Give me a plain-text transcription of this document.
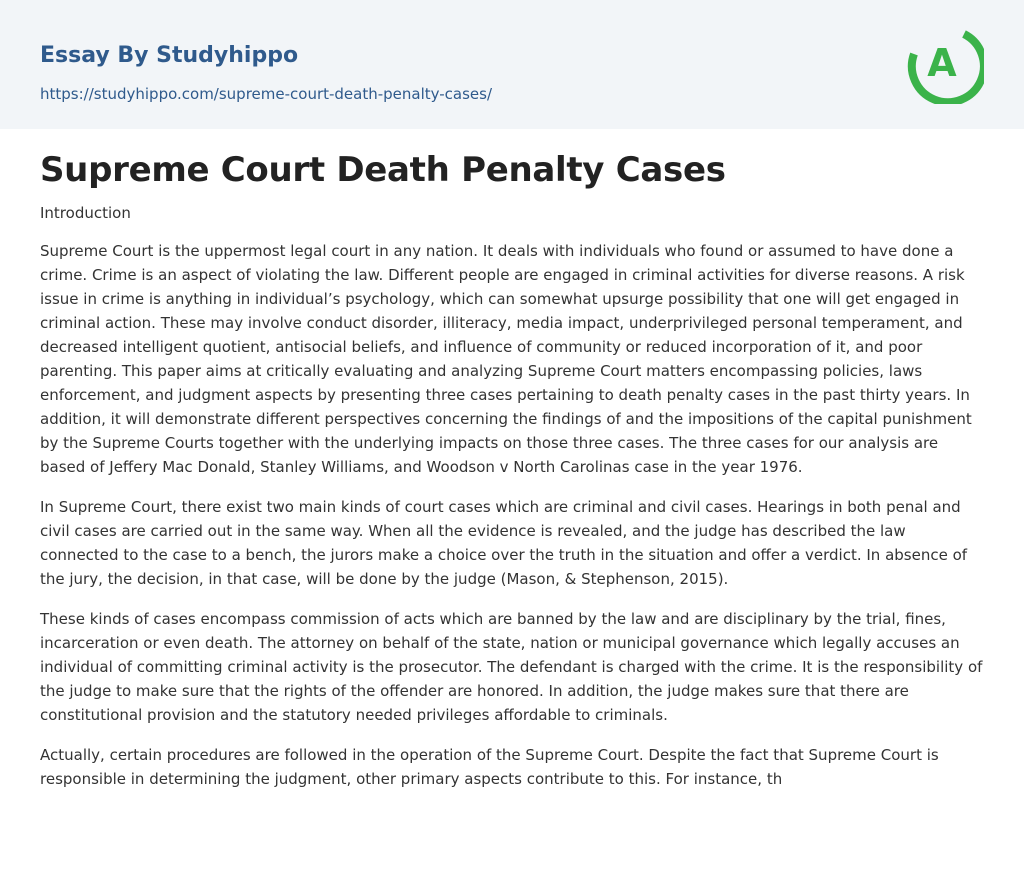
Essay By Studyhippo
https://studyhippo.com/supreme-court-death-penalty-cases/
A
Supreme Court Death Penalty Cases
Introduction

Supreme Court is the uppermost legal court in any nation. It deals with individuals who found or assumed to have done a crime. Crime is an aspect of violating the law. Different people are engaged in criminal activities for diverse reasons. A risk issue in crime is anything in individual’s psychology, which can somewhat upsurge possibility that one will get engaged in criminal action. These may involve conduct disorder, illiteracy, media impact, underprivileged personal temperament, and decreased intelligent quotient, antisocial beliefs, and influence of community or reduced incorporation of it, and poor parenting. This paper aims at critically evaluating and analyzing Supreme Court matters encompassing policies, laws enforcement, and judgment aspects by presenting three cases pertaining to death penalty cases in the past thirty years. In addition, it will demonstrate different perspectives concerning the findings of and the impositions of the capital punishment by the Supreme Courts together with the underlying impacts on those three cases. The three cases for our analysis are based of Jeffery Mac Donald, Stanley Williams, and Woodson v North Carolinas case in the year 1976.

In Supreme Court, there exist two main kinds of court cases which are criminal and civil cases. Hearings in both penal and civil cases are carried out in the same way. When all the evidence is revealed, and the judge has described the law connected to the case to a bench, the jurors make a choice over the truth in the situation and offer a verdict. In absence of the jury, the decision, in that case, will be done by the judge (Mason, & Stephenson, 2015).

These kinds of cases encompass commission of acts which are banned by the law and are disciplinary by the trial, fines, incarceration or even death. The attorney on behalf of the state, nation or municipal governance which legally accuses an individual of committing criminal activity is the prosecutor. The defendant is charged with the crime. It is the responsibility of the judge to make sure that the rights of the offender are honored. In addition, the judge makes sure that there are constitutional provision and the statutory needed privileges affordable to criminals.

Actually, certain procedures are followed in the operation of the Supreme Court. Despite the fact that Supreme Court is responsible in determining the judgment, other primary aspects contribute to this. For instance, th
